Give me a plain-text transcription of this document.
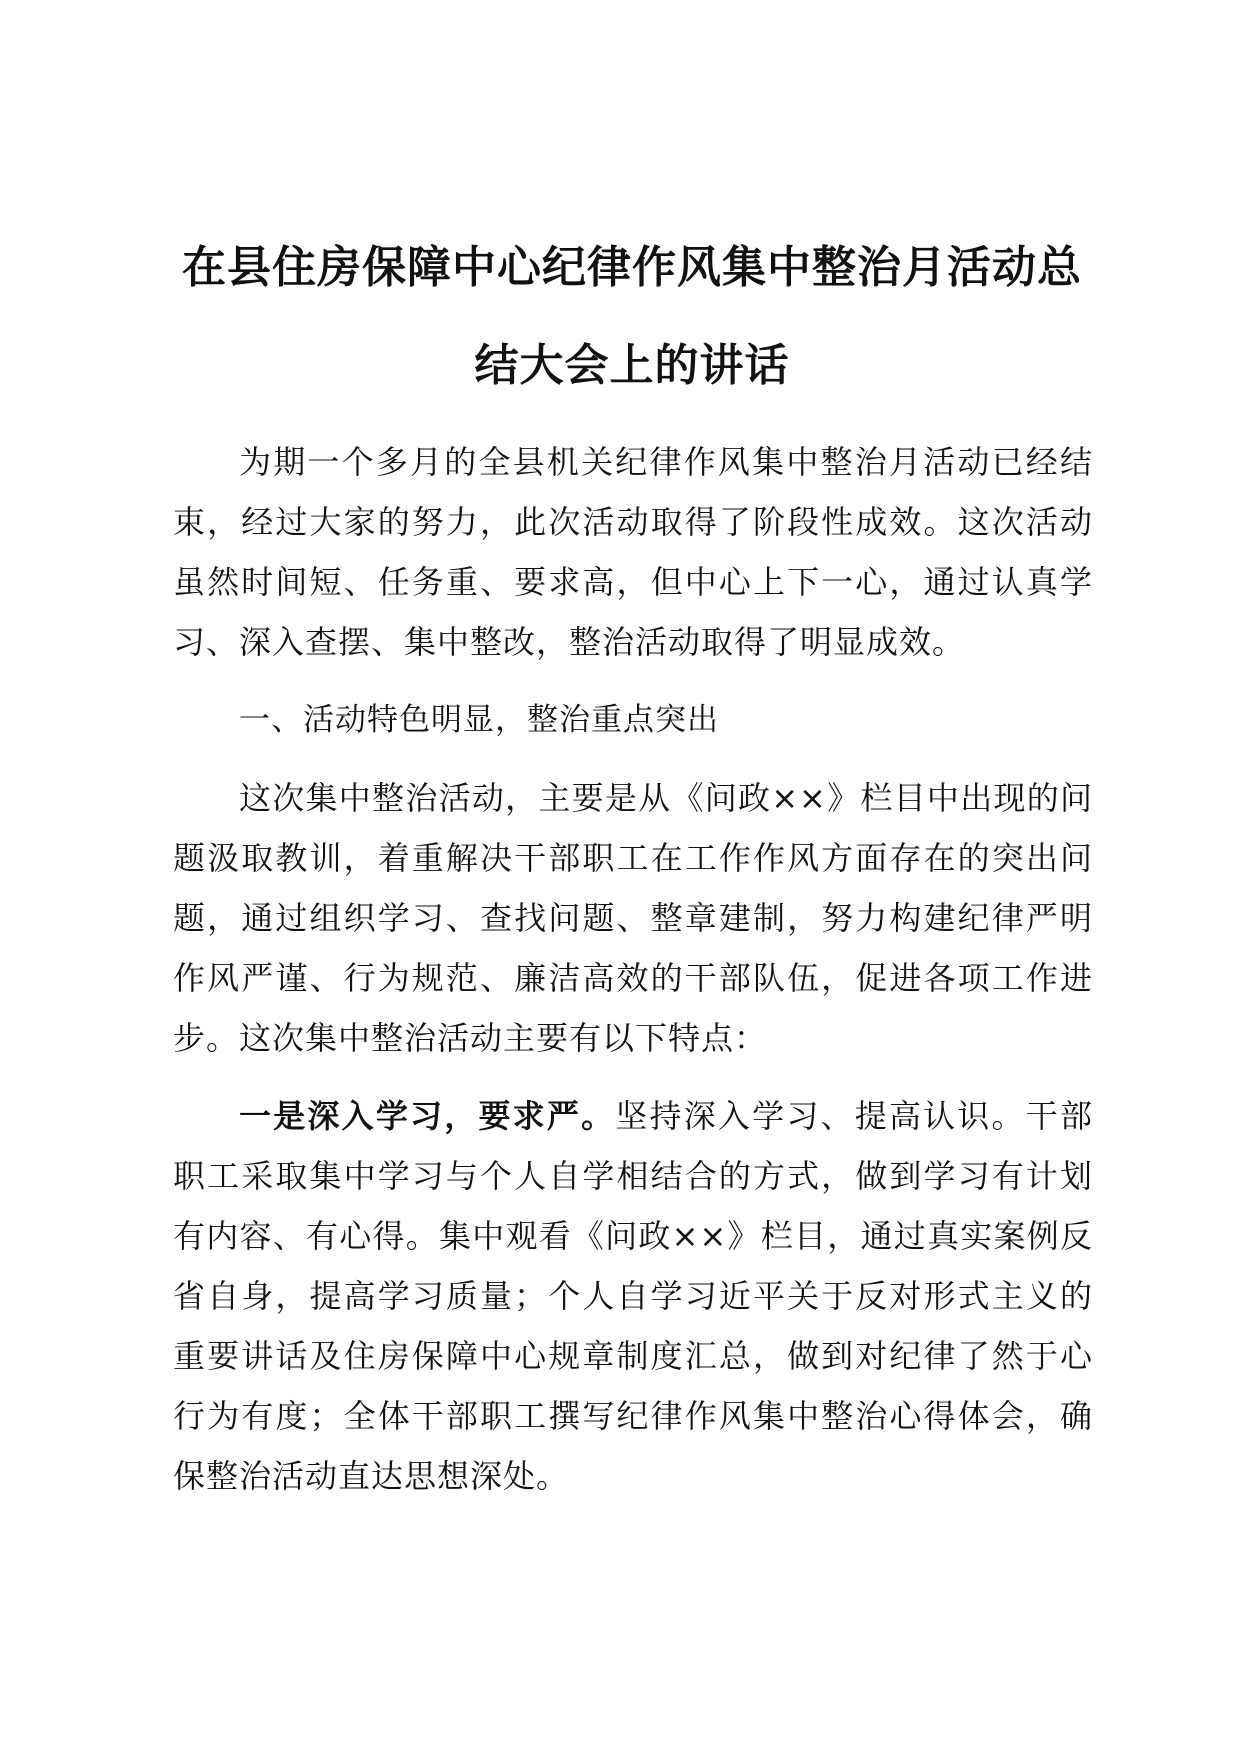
在县住房保障中心纪律作风集中整治月活动总结大会上的讲话

为期一个多月的全县机关纪律作风集中整治月活动已经结束，经过大家的努力，此次活动取得了阶段性成效。这次活动虽然时间短、任务重、要求高，但中心上下一心，通过认真学习、深入查摆、集中整改，整治活动取得了明显成效。

一、活动特色明显，整治重点突出

这次集中整治活动，主要是从《问政××》栏目中出现的问题汲取教训，着重解决干部职工在工作作风方面存在的突出问题，通过组织学习、查找问题、整章建制，努力构建纪律严明作风严谨、行为规范、廉洁高效的干部队伍，促进各项工作进步。这次集中整治活动主要有以下特点：

一是深入学习，要求严。坚持深入学习、提高认识。干部职工采取集中学习与个人自学相结合的方式，做到学习有计划有内容、有心得。集中观看《问政××》栏目，通过真实案例反省自身，提高学习质量；个人自学习近平关于反对形式主义的重要讲话及住房保障中心规章制度汇总，做到对纪律了然于心行为有度；全体干部职工撰写纪律作风集中整治心得体会，确保整治活动直达思想深处。
